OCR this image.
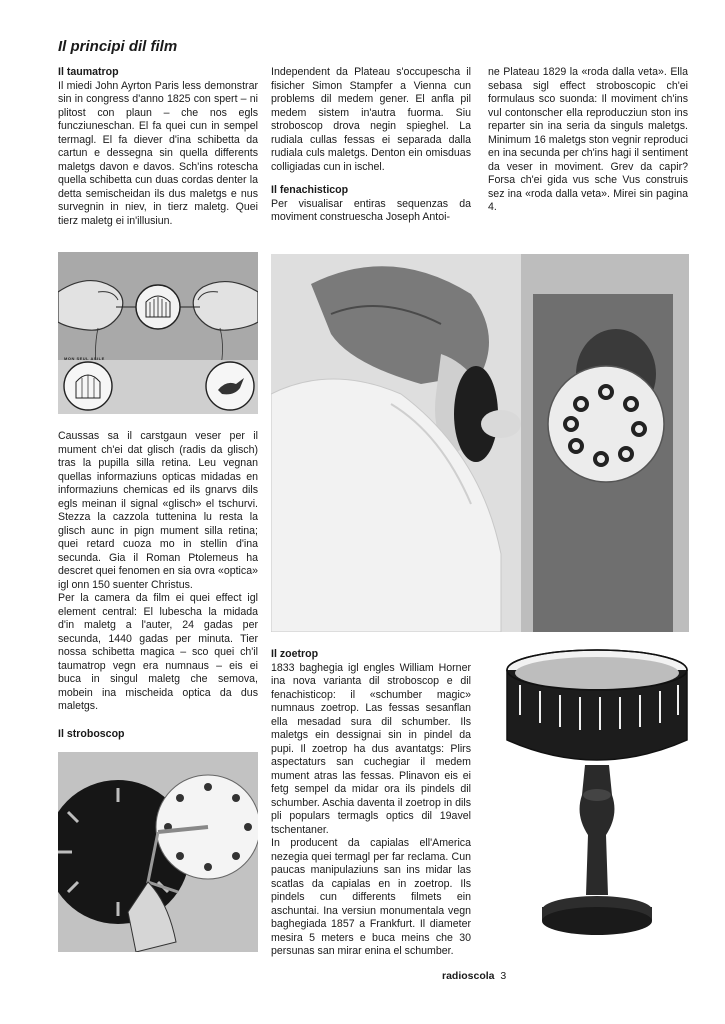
Il principi dil film
Il taumatrop

Il miedi John Ayrton Paris less demonstrar sin in congress d'anno 1825 con spert – ni plitost con plaun – che nos egls funcziuneschan. El fa quei cun in sempel termagl. El fa diever d'ina schibetta da cartun e dessegna sin quella differents maletgs davon e davos. Sch'ins rotescha quella schibetta cun duas cordas denter la detta semischeidan ils dus maletgs e nus survegnin in niev, in tierz maletg. Quei tierz maletg ei in'illusiun.

Independent da Plateau s'occupescha il fisicher Simon Stampfer a Vienna cun problems dil medem gener. El anfla pil medem sistem in'autra fuorma. Siu stroboscop drova negin spieghel. La rudiala cullas fessas ei separada dalla rudiala culs maletgs. Denton ein omisduas colligiadas cun in ischel.

Il fenachisticop

Per visualisar entiras sequenzas da moviment construescha Joseph Antoi-

ne Plateau 1829 la «roda dalla veta». Ella sebasa sigl effect stroboscopic ch'ei formulaus sco suonda: Il moviment ch'ins vul contonscher ella reproducziun ston ins reparter sin ina seria da singuls maletgs. Minimum 16 maletgs ston vegnir reproduci en ina secunda per ch'ins hagi il sentiment da veser in moviment. Grev da capir? Forsa ch'ei gida vus sche Vus construis sez ina «roda dalla veta». Mirei sin pagina 4.

MON SEUL ASILE

Caussas sa il carstgaun veser per il mument ch'ei dat glisch (radis da glisch) tras la pupilla silla retina. Leu vegnan quellas informaziuns opticas midadas en informaziuns chemicas ed ils gnarvs dils egls meinan il signal «glisch» el tschurvi. Stezza la cazzola tuttenina lu resta la glisch aunc in pign mument silla retina; quei retard cuoza mo in stellin d'ina secunda. Gia il Roman Ptolemeus ha descret quei fenomen en sia ovra «optica» igl onn 150 suenter Christus.

Per la camera da film ei quei effect igl element central: El lubescha la midada d'in maletg a l'auter, 24 gadas per secunda, 1440 gadas per minuta. Tier nossa schibetta magica – sco quei ch'il taumatrop vegn era numnaus – eis ei buca in singul maletg che semova, mobein ina mischeida optica da dus maletgs.

Il stroboscop
Il zoetrop

1833 baghegia igl engles William Horner ina nova varianta dil stroboscop e dil fenachisticop: il «schumber magic» numnaus zoetrop. Las fessas sesanflan ella mesadad sura dil schumber. Ils maletgs ein dessignai sin in pindel da pupi. Il zoetrop ha dus avantatgs: Plirs aspectaturs san cuchegiar il medem mument atras las fessas. Plinavon eis ei fetg sempel da midar ora ils pindels dil schumber. Aschia daventa il zoetrop in dils pli populars termagls optics dil 19avel tschentaner.

In producent da capialas ell'America nezegia quei termagl per far reclama. Cun paucas manipulaziuns san ins midar las scatlas da capialas en in zoetrop. Ils pindels cun differents filmets ein aschuntai. Ina versiun monumentala vegn baghegiada 1857 a Frankfurt. Il diameter mesira 5 meters e buca meins che 30 persunas san mirar enina el schumber.

radioscola 3
